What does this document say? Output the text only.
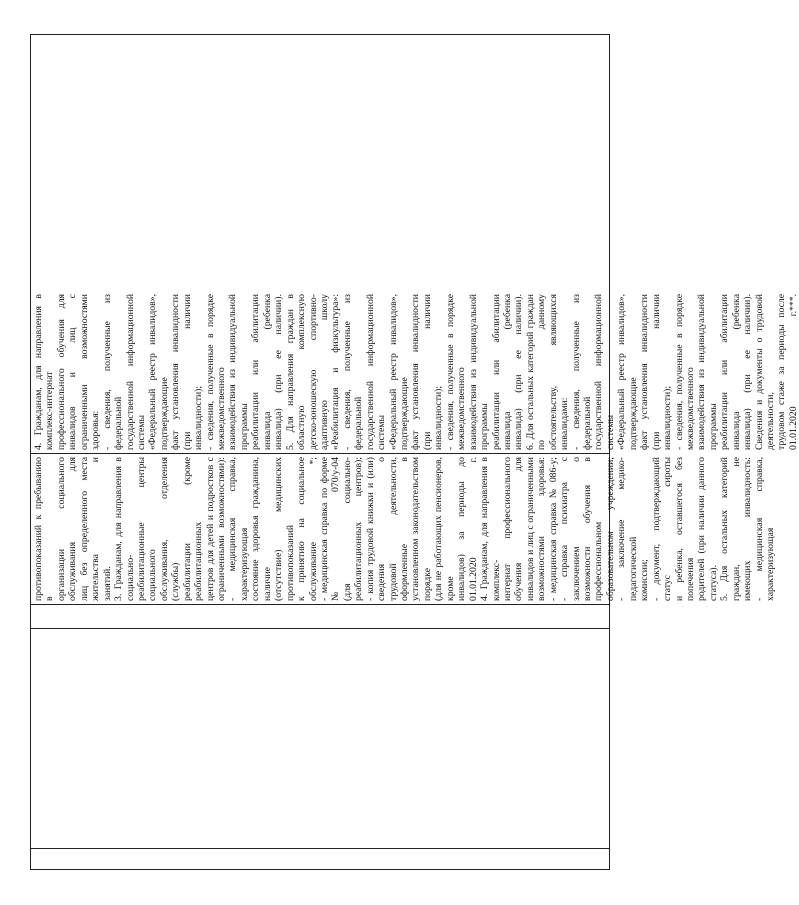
противопоказаний к пребыванию в организации социального обслуживания для лиц без определенного места жительства и занятий. 3. Гражданам, для направления в социально- реабилитационные центры социального обслуживания, отделения (службы) реабилитации (кроме реабилитационных центров для детей и подростков с ограниченными возможностями): - медицинская справка, характеризующая состояние здоровья гражданина, наличие (отсутствие) медицинских противопоказаний к принятию на социальное обслуживание *; - медицинская справка по форме № 070/у-04 (для социально-реабилитационных центров); - копия трудовой книжки и (или) сведения о трудовой деятельности, оформленные в установленном законодательством порядке (для не работающих пенсионеров, кроме инвалидов) за периоды до 01.01.2020 г. 4. Гражданам, для направления в комплекс- интернат профессионального обучения для инвалидов и лиц с ограниченными возможностями здоровья: - медицинская справка № 086-у; - справка психиатра с заключением о возможности обучения в профессиональном образовательном учреждении; - заключение медико-педагогической комиссии; - документ, подтверждающий статус сироты и ребенка, оставшегося без попечения родителей (при наличии данного статуса). 5. Для остальных категорий граждан, не имеющих инвалидность: - медицинская справка, характеризующая
4. Гражданам, для направления в комплекс-интернат профессионального обучения для инвалидов и лиц с ограниченными возможностями здоровья: - сведения, полученные из федеральной государственной информационной системы «Федеральный реестр инвалидов», подтверждающие факт установления инвалидности (при наличии инвалидности); - сведения, полученные в порядке межведомственного взаимодействия из индивидуальной программы реабилитации или абилитации инвалида (ребенка инвалида) (при ее наличии). 5. Для направления граждан в областную комплексную детско-юношескую спортивно-адаптивную школу «Реабилитация и физкультура»: - сведения, полученные из федеральной государственной информационной системы «Федеральный реестр инвалидов», подтверждающие факт установления инвалидности (при наличии инвалидности); - сведения, полученные в порядке межведомственного взаимодействия из индивидуальной программы реабилитации или абилитации инвалида (ребенка инвалида) (при ее наличии). 6. Для остальных категорий граждан по данному обстоятельству, являющихся инвалидами: - сведения, полученные из федеральной государственной информационной системы «Федеральный реестр инвалидов», подтверждающие факт установления инвалидности (при наличии инвалидности); - сведения, полученные в порядке межведомственного взаимодействия из индивидуальной программы реабилитации или абилитации инвалида (ребенка инвалида) (при ее наличии). Сведения и документы о трудовой деятельности, трудовом стаже за периоды после 01.01.2020 г.***.
